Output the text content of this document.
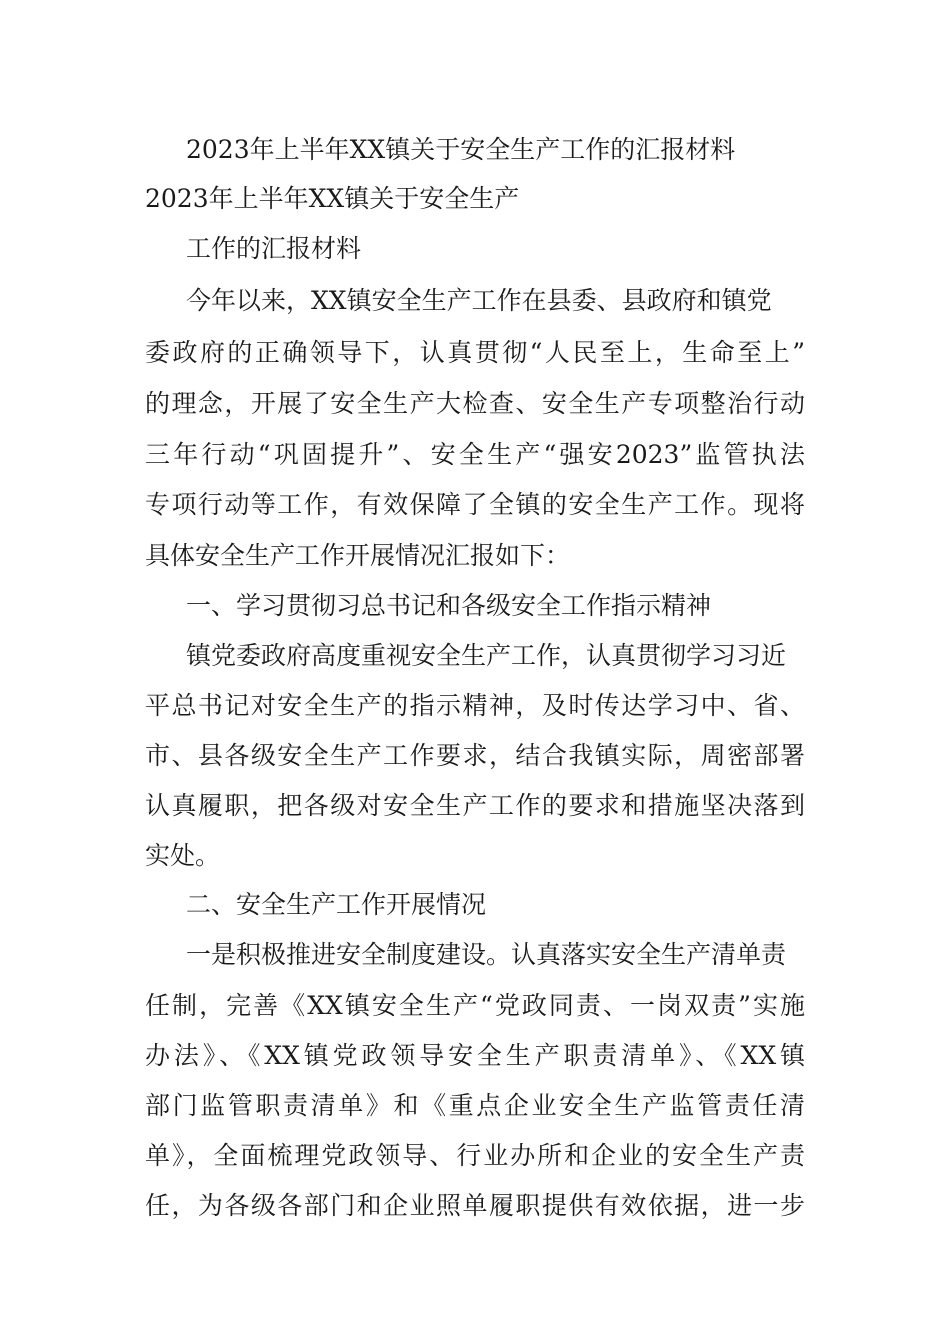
2023年上半年XX镇关于安全生产工作的汇报材料
2023年上半年XX镇关于安全生产
工作的汇报材料
今年以来，XX镇安全生产工作在县委、县政府和镇党
委政府的正确领导下，认真贯彻“人民至上，生命至上”
的理念，开展了安全生产大检查、安全生产专项整治行动
三年行动“巩固提升”、安全生产“强安2023”监管执法
专项行动等工作，有效保障了全镇的安全生产工作。现将
具体安全生产工作开展情况汇报如下：
一、学习贯彻习总书记和各级安全工作指示精神
镇党委政府高度重视安全生产工作，认真贯彻学习习近
平总书记对安全生产的指示精神，及时传达学习中、省、
市、县各级安全生产工作要求，结合我镇实际，周密部署
认真履职，把各级对安全生产工作的要求和措施坚决落到
实处。
二、安全生产工作开展情况
一是积极推进安全制度建设。认真落实安全生产清单责
任制，完善《XX镇安全生产“党政同责、一岗双责”实施
办法》、《XX镇党政领导安全生产职责清单》、《XX镇
部门监管职责清单》和《重点企业安全生产监管责任清
单》，全面梳理党政领导、行业办所和企业的安全生产责
任，为各级各部门和企业照单履职提供有效依据，进一步
